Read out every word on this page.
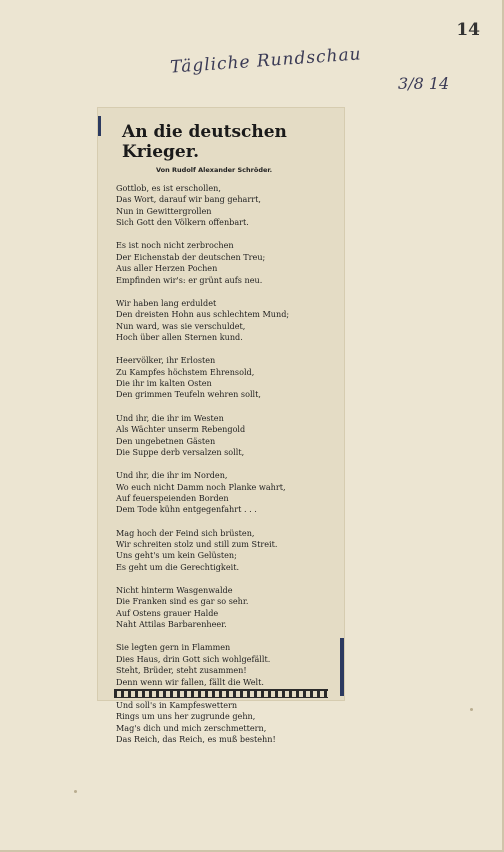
14
Tägliche Rundschau
3/8 14
An die deutschen Krieger.
Von Rudolf Alexander Schröder.
Gottlob, es ist erschollen,
Das Wort, darauf wir bang geharrt,
Nun in Gewittergrollen
Sich Gott den Völkern offenbart.
Es ist noch nicht zerbrochen
Der Eichenstab der deutschen Treu;
Aus aller Herzen Pochen
Empfinden wir's: er grünt aufs neu.
Wir haben lang erduldet
Den dreisten Hohn aus schlechtem Mund;
Nun ward, was sie verschuldet,
Hoch über allen Sternen kund.
Heervölker, ihr Erlosten
Zu Kampfes höchstem Ehrensold,
Die ihr im kalten Osten
Den grimmen Teufeln wehren sollt,
Und ihr, die ihr im Westen
Als Wächter unserm Rebengold
Den ungebetnen Gästen
Die Suppe derb versalzen sollt,
Und ihr, die ihr im Norden,
Wo euch nicht Damm noch Planke wahrt,
Auf feuerspeienden Borden
Dem Tode kühn entgegenfahrt . . .
Mag hoch der Feind sich brüsten,
Wir schreiten stolz und still zum Streit.
Uns geht's um kein Gelüsten;
Es geht um die Gerechtigkeit.
Nicht hinterm Wasgenwalde
Die Franken sind es gar so sehr.
Auf Ostens grauer Halde
Naht Attilas Barbarenheer.
Sie legten gern in Flammen
Dies Haus, drin Gott sich wohlgefällt.
Steht, Brüder, steht zusammen!
Denn wenn wir fallen, fällt die Welt.
Und soll's in Kampfeswettern
Rings um uns her zugrunde gehn,
Mag's dich und mich zerschmettern,
Das Reich, das Reich, es muß bestehn!
